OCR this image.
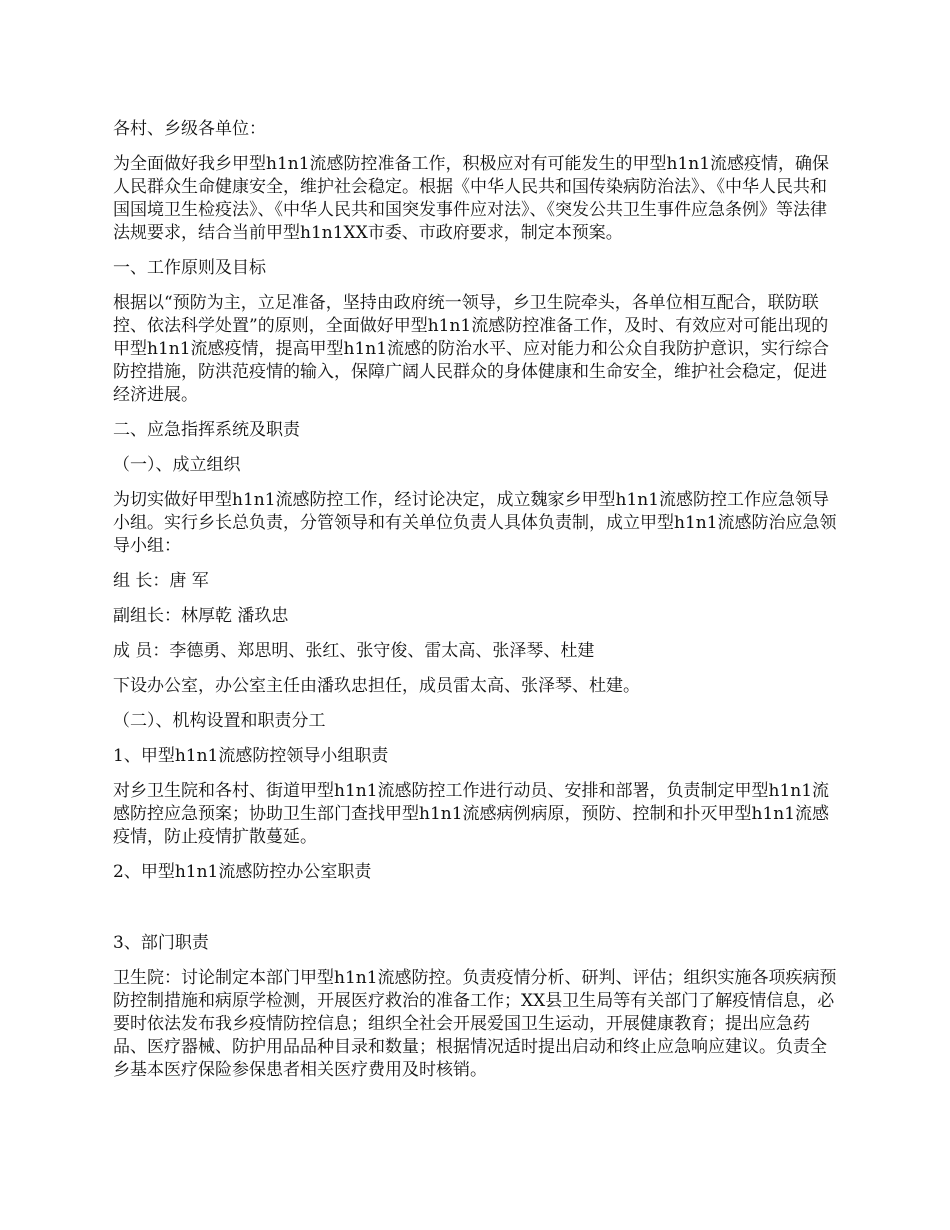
各村、乡级各单位：

为全面做好我乡甲型h1n1流感防控准备工作，积极应对有可能发生的甲型h1n1流感疫情，确保人民群众生命健康安全，维护社会稳定。根据《中华人民共和国传染病防治法》、《中华人民共和国国境卫生检疫法》、《中华人民共和国突发事件应对法》、《突发公共卫生事件应急条例》等法律法规要求，结合当前甲型h1n1XX市委、市政府要求，制定本预案。

一、工作原则及目标

根据以“预防为主，立足准备，坚持由政府统一领导，乡卫生院牵头，各单位相互配合，联防联控、依法科学处置”的原则，全面做好甲型h1n1流感防控准备工作，及时、有效应对可能出现的甲型h1n1流感疫情，提高甲型h1n1流感的防治水平、应对能力和公众自我防护意识，实行综合防控措施，防洪范疫情的输入，保障广阔人民群众的身体健康和生命安全，维护社会稳定，促进经济进展。

二、应急指挥系统及职责

（一）、成立组织

为切实做好甲型h1n1流感防控工作，经讨论决定，成立魏家乡甲型h1n1流感防控工作应急领导小组。实行乡长总负责，分管领导和有关单位负责人具体负责制，成立甲型h1n1流感防治应急领导小组：

组 长：唐 军

副组长：林厚乾 潘玖忠

成 员：李德勇、郑思明、张红、张守俊、雷太高、张泽琴、杜建

下设办公室，办公室主任由潘玖忠担任，成员雷太高、张泽琴、杜建。

（二）、机构设置和职责分工

1、甲型h1n1流感防控领导小组职责

对乡卫生院和各村、街道甲型h1n1流感防控工作进行动员、安排和部署，负责制定甲型h1n1流感防控应急预案；协助卫生部门查找甲型h1n1流感病例病原，预防、控制和扑灭甲型h1n1流感疫情，防止疫情扩散蔓延。

2、甲型h1n1流感防控办公室职责

3、部门职责

卫生院：讨论制定本部门甲型h1n1流感防控。负责疫情分析、研判、评估；组织实施各项疾病预防控制措施和病原学检测，开展医疗救治的准备工作；XX县卫生局等有关部门了解疫情信息，必要时依法发布我乡疫情防控信息；组织全社会开展爱国卫生运动，开展健康教育；提出应急药品、医疗器械、防护用品品种目录和数量；根据情况适时提出启动和终止应急响应建议。负责全乡基本医疗保险参保患者相关医疗费用及时核销。
